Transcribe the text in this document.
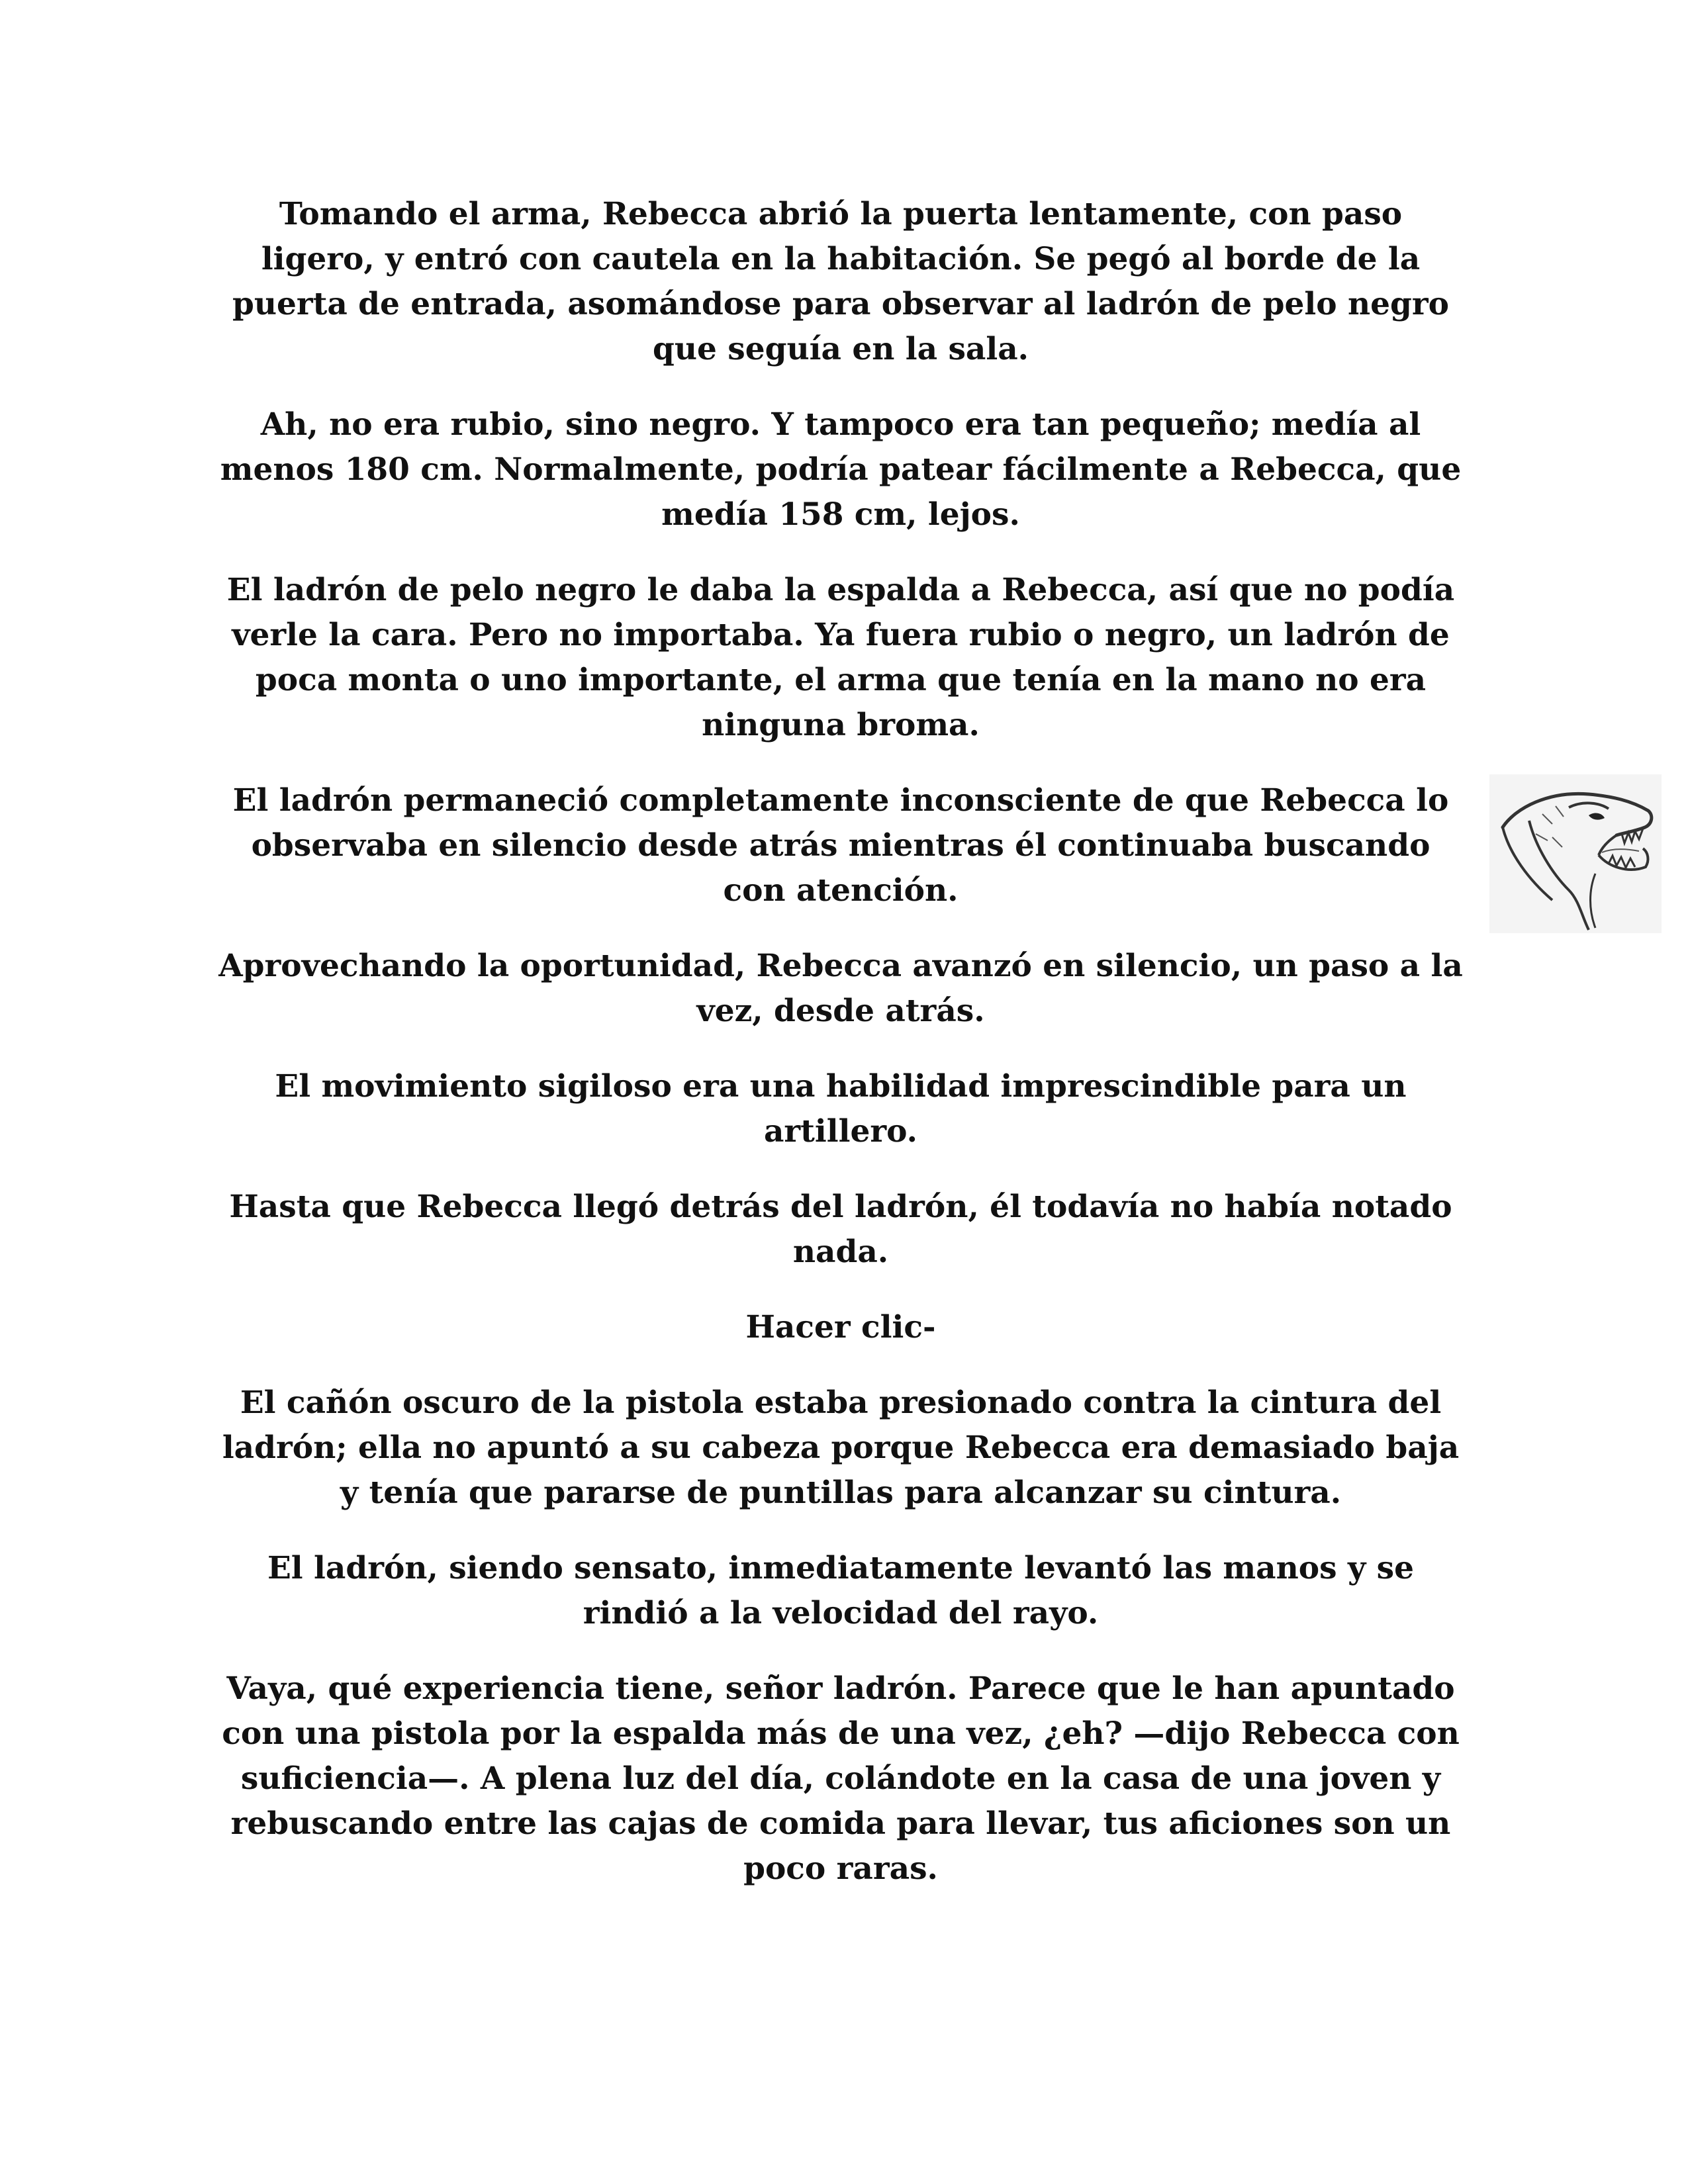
Tomando el arma, Rebecca abrió la puerta lentamente, con paso ligero, y entró con cautela en la habitación. Se pegó al borde de la puerta de entrada, asomándose para observar al ladrón de pelo negro que seguía en la sala.

Ah, no era rubio, sino negro. Y tampoco era tan pequeño; medía al menos 180 cm. Normalmente, podría patear fácilmente a Rebecca, que medía 158 cm, lejos.

El ladrón de pelo negro le daba la espalda a Rebecca, así que no podía verle la cara. Pero no importaba. Ya fuera rubio o negro, un ladrón de poca monta o uno importante, el arma que tenía en la mano no era ninguna broma.

El ladrón permaneció completamente inconsciente de que Rebecca lo observaba en silencio desde atrás mientras él continuaba buscando con atención.

Aprovechando la oportunidad, Rebecca avanzó en silencio, un paso a la vez, desde atrás.

El movimiento sigiloso era una habilidad imprescindible para un artillero.

Hasta que Rebecca llegó detrás del ladrón, él todavía no había notado nada.

Hacer clic-

El cañón oscuro de la pistola estaba presionado contra la cintura del ladrón; ella no apuntó a su cabeza porque Rebecca era demasiado baja y tenía que pararse de puntillas para alcanzar su cintura.

El ladrón, siendo sensato, inmediatamente levantó las manos y se rindió a la velocidad del rayo.

Vaya, qué experiencia tiene, señor ladrón. Parece que le han apuntado con una pistola por la espalda más de una vez, ¿eh? —dijo Rebecca con suficiencia—. A plena luz del día, colándote en la casa de una joven y rebuscando entre las cajas de comida para llevar, tus aficiones son un poco raras.
